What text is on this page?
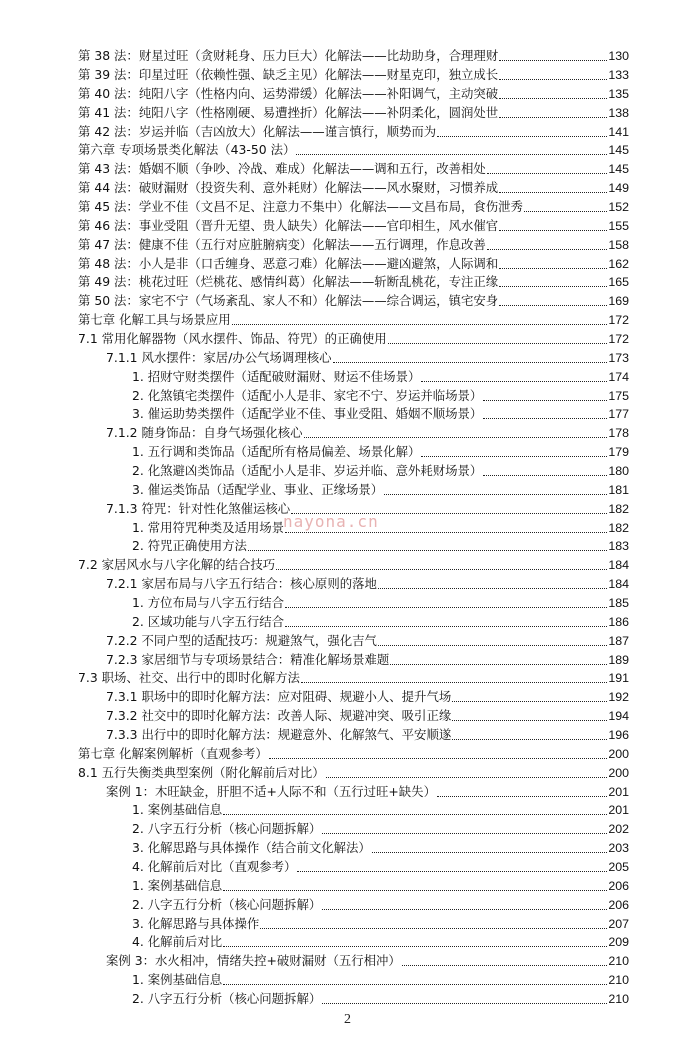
第 38 法：财星过旺（贪财耗身、压力巨大）化解法——比劫助身，合理理财	130
第 39 法：印星过旺（依赖性强、缺乏主见）化解法——财星克印，独立成长	133
第 40 法：纯阳八字（性格内向、运势滞缓）化解法——补阳调气，主动突破	135
第 41 法：纯阳八字（性格刚硬、易遭挫折）化解法——补阴柔化，圆润处世	138
第 42 法：岁运并临（吉凶放大）化解法——谨言慎行，顺势而为	141
第六章 专项场景类化解法（43-50 法）	145
第 43 法：婚姻不顺（争吵、冷战、难成）化解法——调和五行，改善相处	145
第 44 法：破财漏财（投资失利、意外耗财）化解法——风水聚财，习惯养成	149
第 45 法：学业不佳（文昌不足、注意力不集中）化解法——文昌布局，食伤泄秀	152
第 46 法：事业受阻（晋升无望、贵人缺失）化解法——官印相生，风水催官	155
第 47 法：健康不佳（五行对应脏腑病变）化解法——五行调理，作息改善	158
第 48 法：小人是非（口舌缠身、恶意刁难）化解法——避凶避煞，人际调和	162
第 49 法：桃花过旺（烂桃花、感情纠葛）化解法——斩断乱桃花，专注正缘	165
第 50 法：家宅不宁（气场紊乱、家人不和）化解法——综合调运，镇宅安身	169
第七章 化解工具与场景应用	172
7.1 常用化解器物（风水摆件、饰品、符咒）的正确使用	172
7.1.1 风水摆件：家居/办公气场调理核心	173
1. 招财守财类摆件（适配破财漏财、财运不佳场景）	174
2. 化煞镇宅类摆件（适配小人是非、家宅不宁、岁运并临场景）	175
3. 催运助势类摆件（适配学业不佳、事业受阻、婚姻不顺场景）	177
7.1.2 随身饰品：自身气场强化核心	178
1. 五行调和类饰品（适配所有格局偏差、场景化解）	179
2. 化煞避凶类饰品（适配小人是非、岁运并临、意外耗财场景）	180
3. 催运类饰品（适配学业、事业、正缘场景）	181
7.1.3 符咒：针对性化煞催运核心	182
1. 常用符咒种类及适用场景	182
2. 符咒正确使用方法	183
7.2 家居风水与八字化解的结合技巧	184
7.2.1 家居布局与八字五行结合：核心原则的落地	184
1. 方位布局与八字五行结合	185
2. 区域功能与八字五行结合	186
7.2.2 不同户型的适配技巧：规避煞气，强化吉气	187
7.2.3 家居细节与专项场景结合：精准化解场景难题	189
7.3 职场、社交、出行中的即时化解方法	191
7.3.1 职场中的即时化解方法：应对阻碍、规避小人、提升气场	192
7.3.2 社交中的即时化解方法：改善人际、规避冲突、吸引正缘	194
7.3.3 出行中的即时化解方法：规避意外、化解煞气、平安顺遂	196
第七章 化解案例解析（直观参考）	200
8.1 五行失衡类典型案例（附化解前后对比）	200
案例 1：木旺缺金，肝胆不适+人际不和（五行过旺+缺失）	201
1. 案例基础信息	201
2. 八字五行分析（核心问题拆解）	202
3. 化解思路与具体操作（结合前文化解法）	203
4. 化解前后对比（直观参考）	205
1. 案例基础信息	206
2. 八字五行分析（核心问题拆解）	206
3. 化解思路与具体操作	207
4. 化解前后对比	209
案例 3：水火相冲，情绪失控+破财漏财（五行相冲）	210
1. 案例基础信息	210
2. 八字五行分析（核心问题拆解）	210
nayona.cn
2
